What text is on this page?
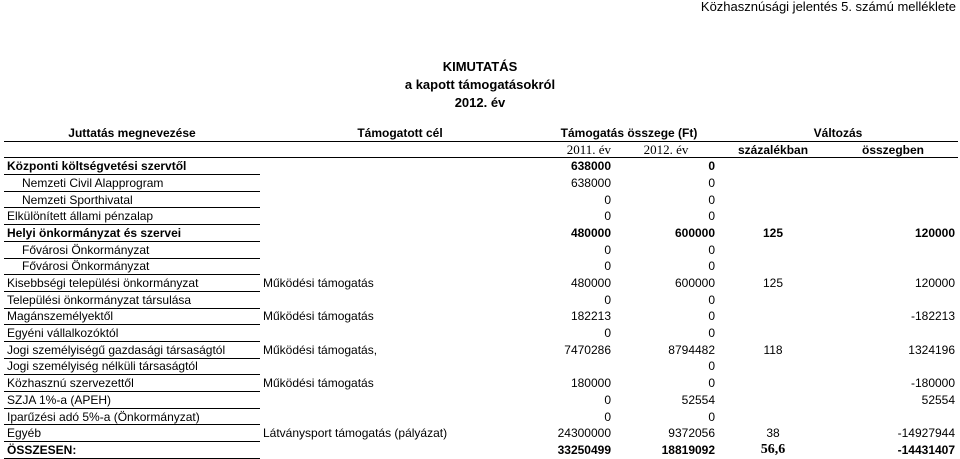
Közhasznúsági jelentés 5. számú melléklete
KIMUTATÁS
a kapott támogatásokról
2012. év
Juttatás megnevezése	Támogatott cél	Támogatás összege (Ft)		Változás	
		2011. év	2012. év	százalékban	összegben
Központi költségvetési szervtől		638000	0		
Nemzeti Civil Alapprogram		638000	0		
Nemzeti Sporthivatal		0	0		
Elkülönített állami pénzalap		0	0		
Helyi önkormányzat és szervei		480000	600000	125	120000
Fővárosi Önkormányzat		0	0		
Fővárosi Önkormányzat		0	0		
Kisebbségi települési önkormányzat	Működési támogatás	480000	600000	125	120000
Települési önkormányzat társulása		0	0		
Magánszemélyektől	Működési támogatás	182213	0		-182213
Egyéni vállalkozóktól		0	0		
Jogi személyiségű gazdasági társaságtól	Működési támogatás,	7470286	8794482	118	1324196
Jogi személyiség nélküli társaságtól			0		
Közhasznú szervezettől	Működési támogatás	180000	0		-180000
SZJA 1%-a (APEH)		0	52554		52554
Iparűzési adó 5%-a (Önkormányzat)		0	0		
Egyéb	Látványsport támogatás (pályázat)	24300000	9372056	38	-14927944
ÖSSZESEN:		33250499	18819092	56,6	-14431407
